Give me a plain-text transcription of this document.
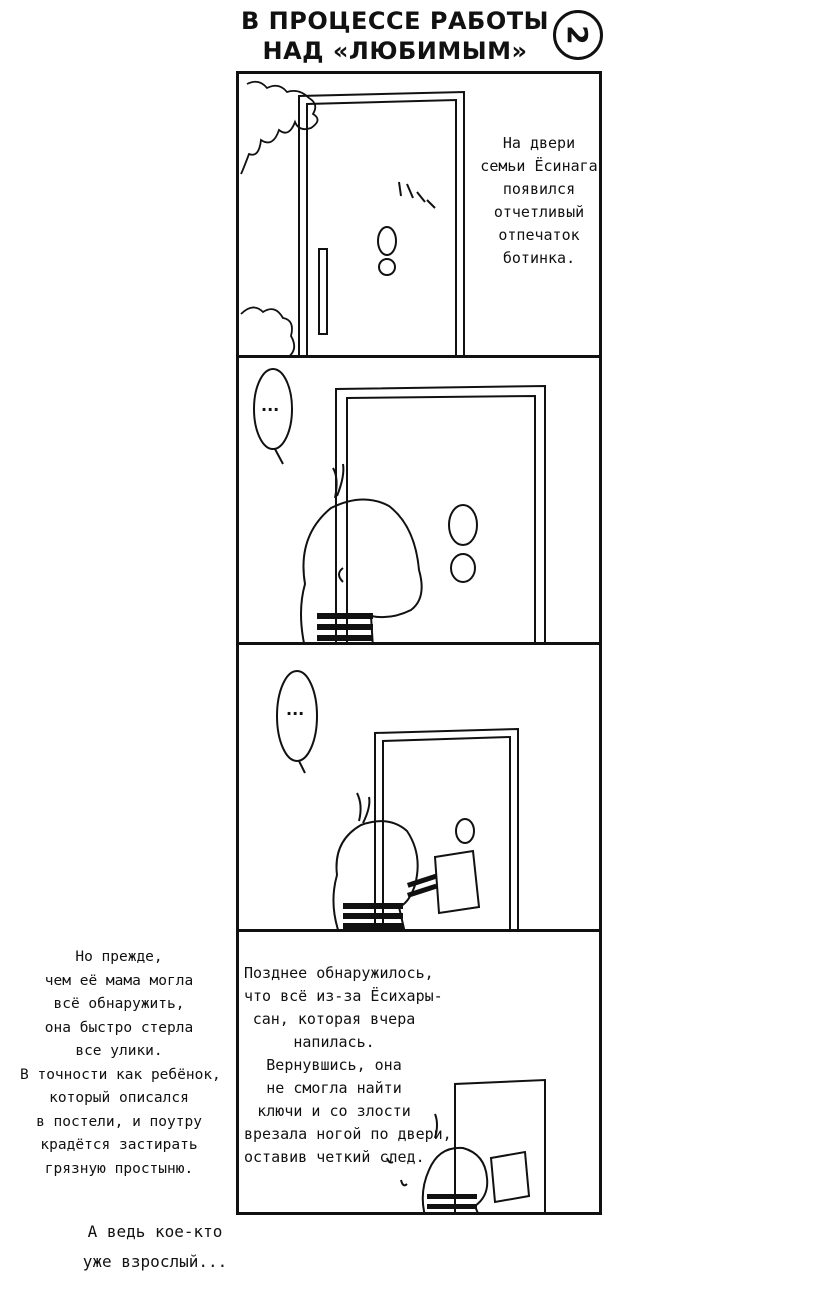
В ПРОЦЕССЕ РАБОТЫ
НАД «ЛЮБИМЫМ»
2
На двери
семьи Ёсинага
появился
отчетливый
отпечаток
ботинка.
...
...
Позднее обнаружилось,
что всё из-за Ёсихары-
сан, которая вчера
напилась.
Вернувшись, она
не смогла найти
ключи и со злости
врезала ногой по двери,
оставив четкий след.
Но прежде,
чем её мама могла
всё обнаружить,
она быстро стерла
все улики.
В точности как ребёнок,
который описался
в постели, и поутру
крадётся застирать
грязную простыню.
А ведь кое-кто
уже взрослый...
